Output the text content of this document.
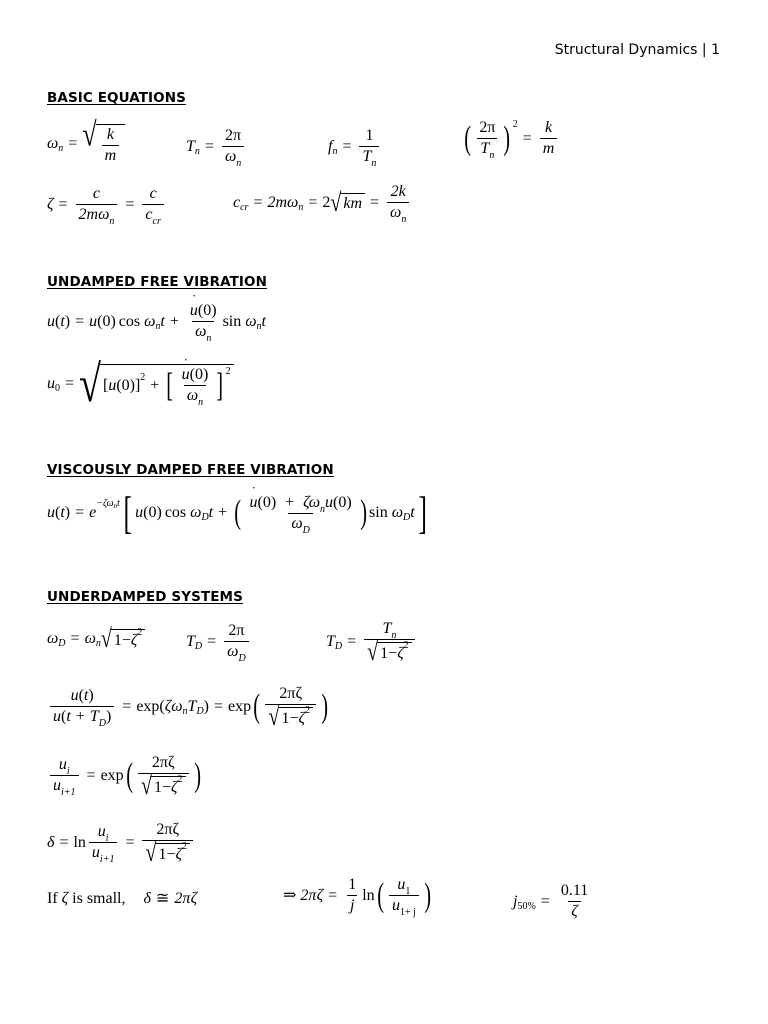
Structural Dynamics | 1
BASIC EQUATIONS
ω n = √ $\frac{k}{m}$	T $n = \frac{2\pi}{\omega_n}$	f $n = \frac{1}{T_n}$ ( $\frac{2\pi}{T_n}$ ) 2
= $\frac{k}{m}$
$\zeta = \frac{c}{2m\omega_n} = \frac{c}{c_{cr}}$	c cr = 2m ω n = 2 √ km = $\frac{2k}{\omega_n}$
UNDAMPED FREE VIBRATION
u ( t ) = u ( 0 ) cos
ω n $t + \frac{u ˙(0)}{\omega_n}$ sin
ω n t
u 0 = √ [ u ( 0 ) ] 2 + [ $\frac{u ˙(0)}{\omega_n}$ ] 2
VISCOUSLY DAMPED FREE VIBRATION
u ( t ) = e
$-\zeta\omega_nt$ [ u ( 0 ) cos
ω D t + ( $\frac{u ˙(0) + \zeta\omega_nu(0)}{\omega_D}$ ) sin
ω D t ]
UNDERDAMPED SYSTEMS
ω D = ω n √ 1 − ζ 2
T $D = \frac{2\pi}{\omega_D}$	T $D = \frac{T_n}{√ 1 - \zeta 2}$
$\frac{u(t)}{u(t + T_D)} = \exp$ ( ζ ω n T D ) = exp ( $\frac{2\pi\zeta}{√ 1 - \zeta 2}$ )
$\frac{u_i}{u_{i+1}} = \exp$ ( $\frac{2\pi\zeta}{√ 1 - \zeta 2}$ )
$\delta = \ln \frac{u_i}{u_{i+1}} = \frac{2\pi\zeta}{√ 1 - \zeta 2}$
If
ζ
is small, δ ≅ 2πζ	⇒ $2\pi\zeta = \frac{1}{j}$ ln ( $\frac{u_1}{u_{1+ j}}$ )	j $50\% = \frac{0.11}{\zeta}$
